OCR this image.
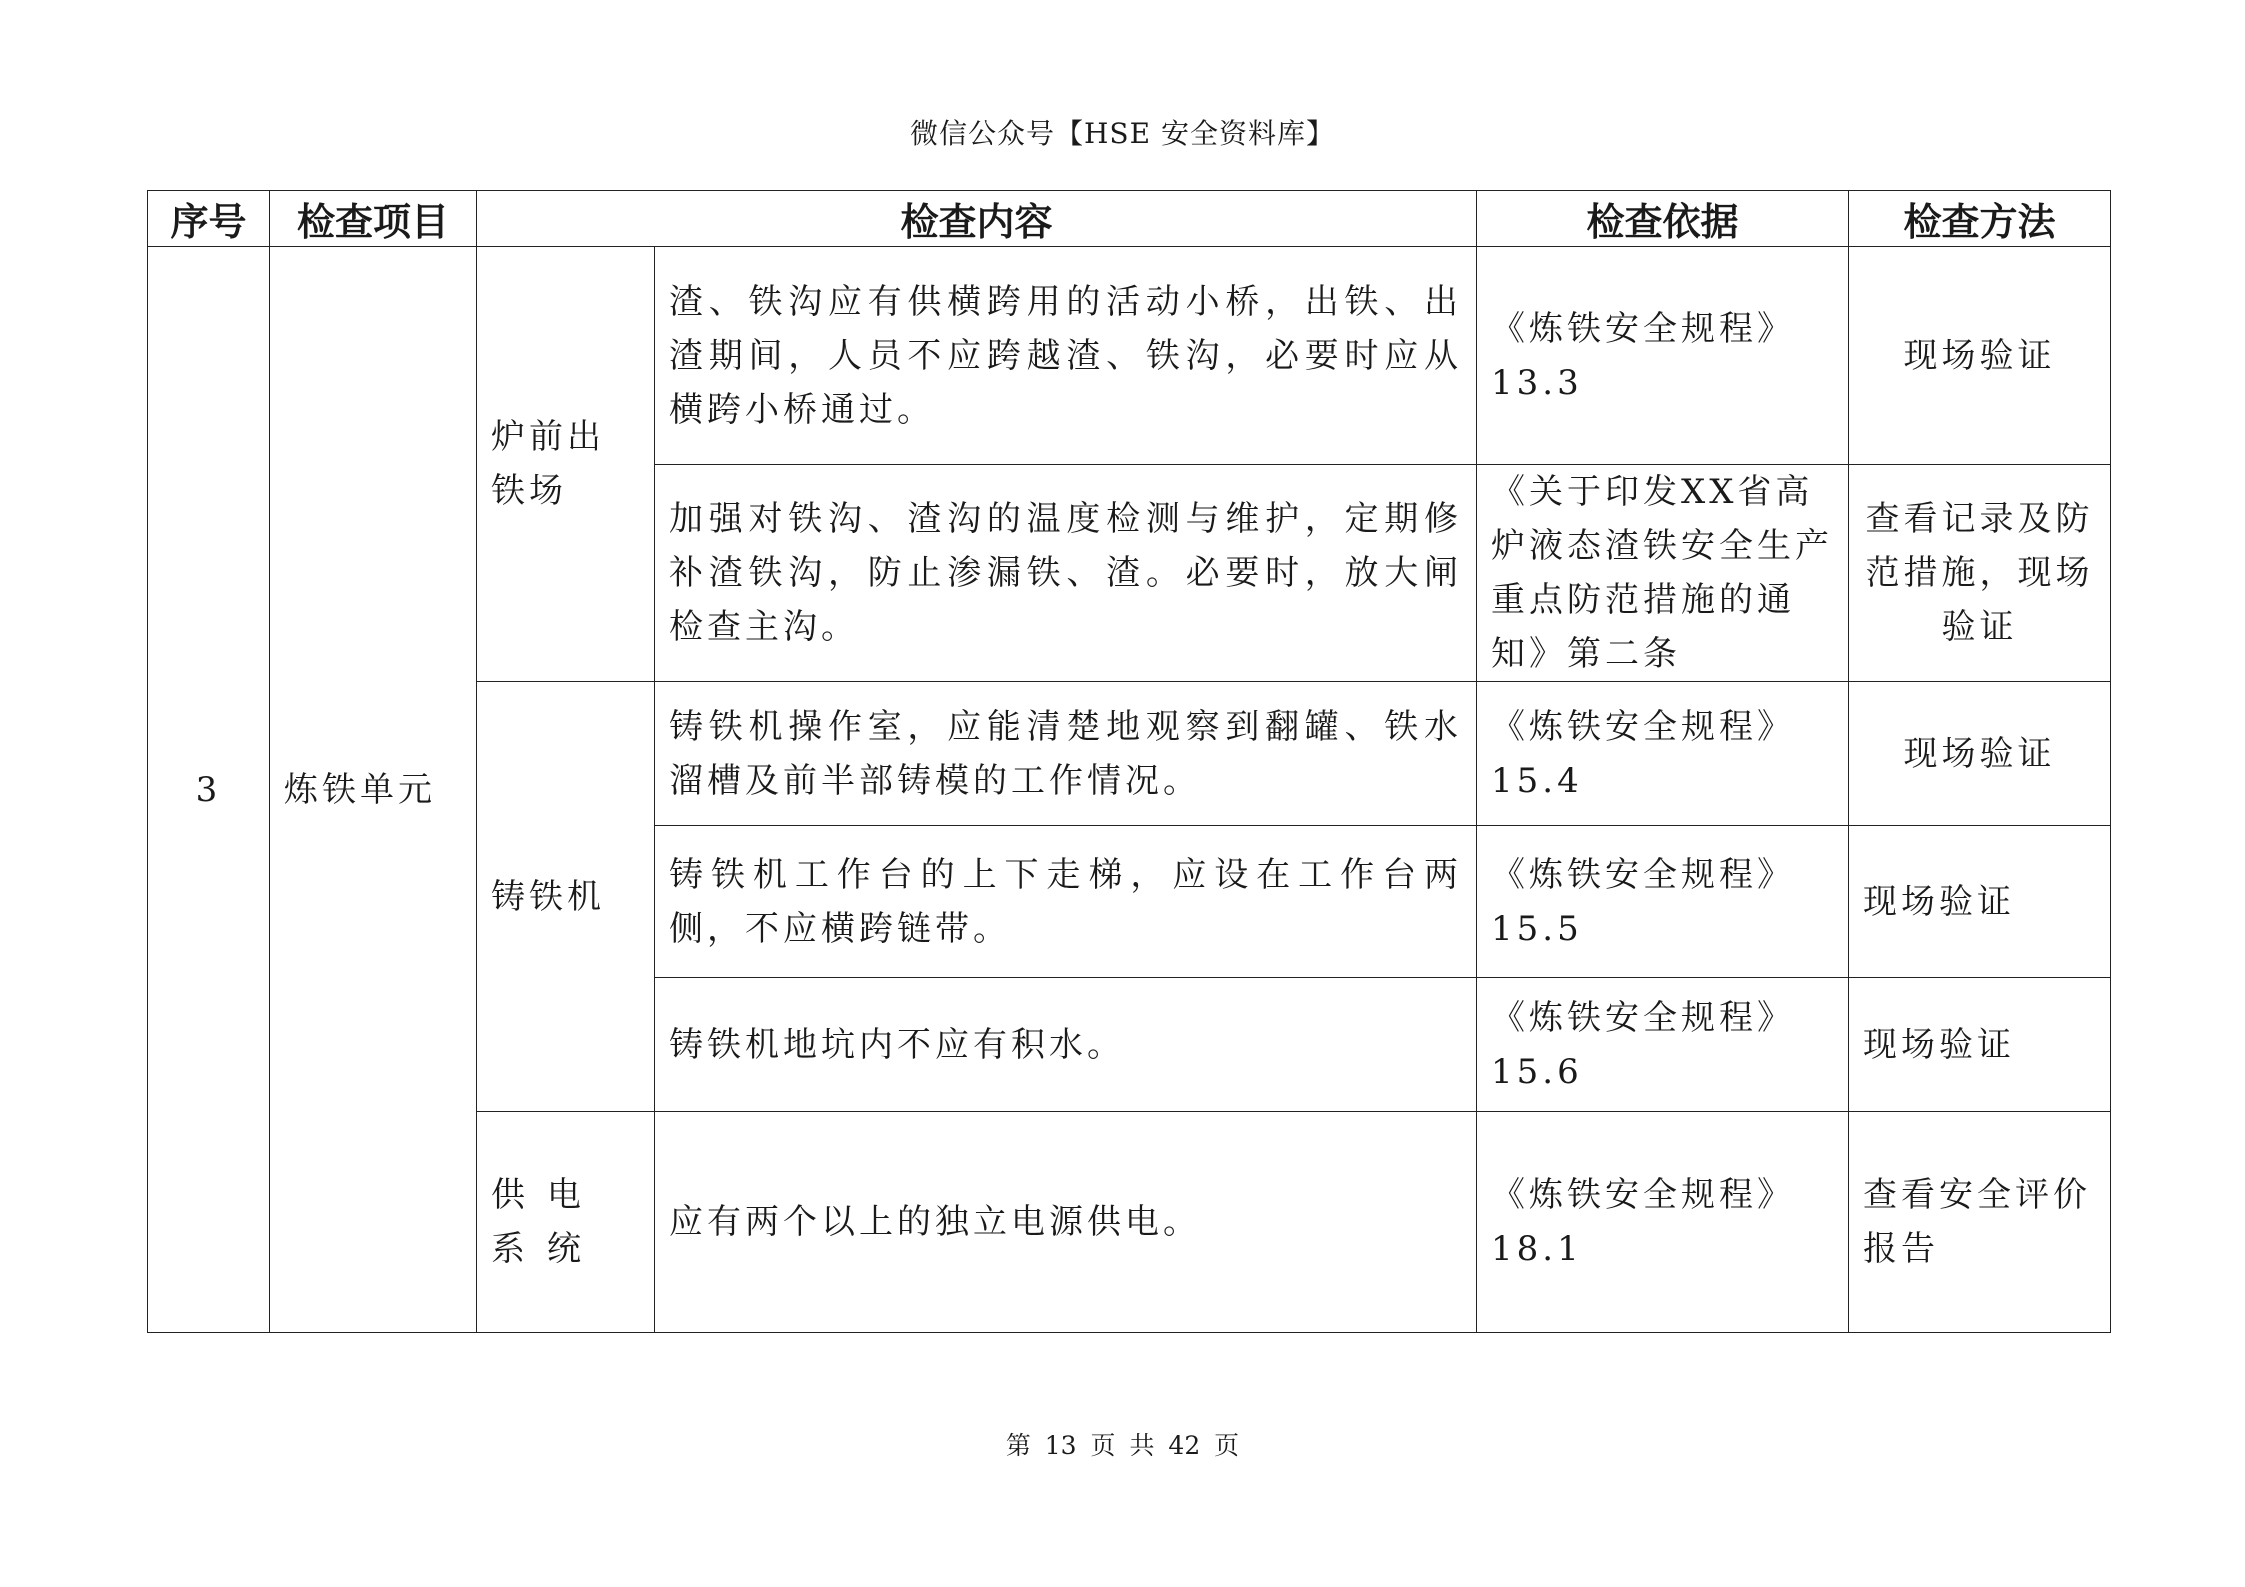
微信公众号【HSE 安全资料库】
序号	检查项目	检查内容		检查依据	检查方法
3	炼铁单元	炉前出铁场	渣、铁沟应有供横跨用的活动小桥，出铁、出渣期间，人员不应跨越渣、铁沟，必要时应从横跨小桥通过。	《炼铁安全规程》13.3	现场验证
			加强对铁沟、渣沟的温度检测与维护，定期修补渣铁沟，防止渗漏铁、渣。必要时，放大闸检查主沟。	《关于印发XX省高炉液态渣铁安全生产重点防范措施的通知》第二条	查看记录及防范措施，现场验证
		铸铁机	铸铁机操作室，应能清楚地观察到翻罐、铁水溜槽及前半部铸模的工作情况。	《炼铁安全规程》15.4	现场验证
			铸铁机工作台的上下走梯，应设在工作台两侧，不应横跨链带。	《炼铁安全规程》15.5	现场验证
			铸铁机地坑内不应有积水。	《炼铁安全规程》15.6	现场验证
		供电系统	应有两个以上的独立电源供电。	《炼铁安全规程》18.1	查看安全评价报告
第 13 页 共 42 页
